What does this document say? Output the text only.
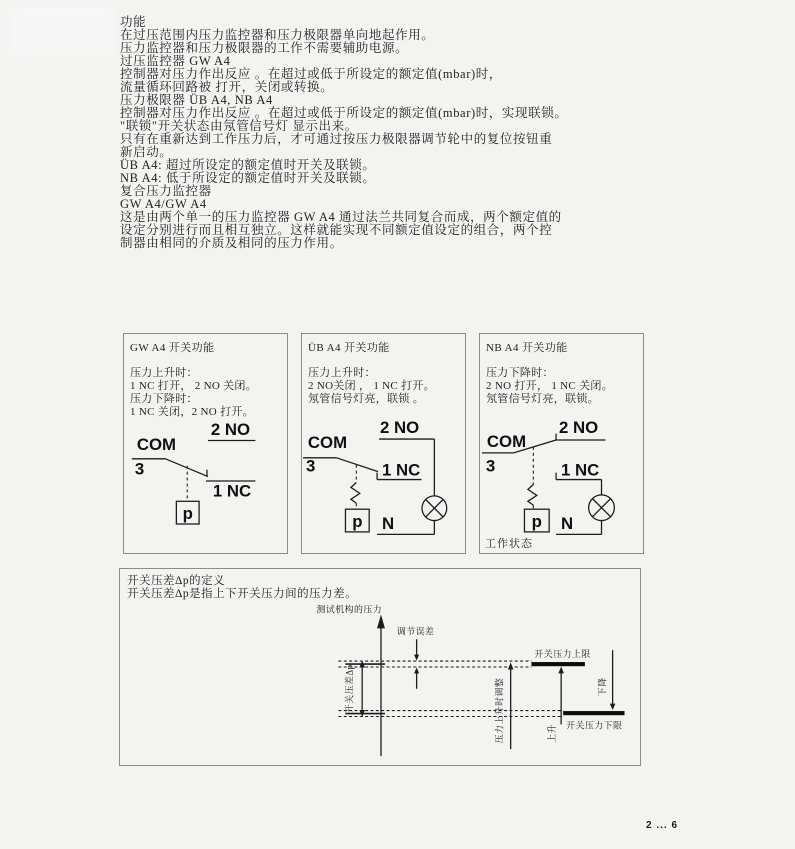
功能
在过压范围内压力监控器和压力极限器单向地起作用。
压力监控器和压力极限器的工作不需要辅助电源。
过压监控器 GW A4
控制器对压力作出反应 。在超过或低于所设定的额定值(mbar)时，
流量循环回路被 打开，关闭或转换。
压力极限器 ÜB A4, NB A4
控制器对压力作出反应 。在超过或低于所设定的额定值(mbar)时，实现联锁。
"联锁"开关状态由氖管信号灯 显示出来。
只有在重新达到工作压力后，才可通过按压力极限器调节轮中的复位按钮重
新启动。
ÜB A4: 超过所设定的额定值时开关及联锁。
NB A4: 低于所设定的额定值时开关及联锁。
复合压力监控器
GW A4/GW A4
这是由两个单一的压力监控器 GW A4 通过法兰共同复合而成，两个额定值的
设定分别进行而且相互独立。这样就能实现不同额定值设定的组合，两个控
制器由相同的介质及相同的压力作用。
GW A4 开关功能
压力上升时：
1 NC 打开， 2 NO 关闭。
压力下降时：
1 NC 关闭，2 NO 打开。
2 NO
COM
3
1 NC
p
ÜB A4 开关功能
压力上升时：
2 NO关闭 ， 1 NC 打开。
氖管信号灯亮，联锁 。
2 NO
COM
3	1 NC
p N
NB A4 开关功能
压力下降时：
2 NO 打开， 1 NC 关闭。
氖管信号灯亮，联锁。
2 NO
COM
3
p
1 NC
N
工作状态
开关压差Δp的定义
开关压差Δp是指上下开关压力间的压力差。
测试机构的压力
开关压力上限
开关压力下限
开关压差Δp
调节误差
压力上升时调整	上升
下降
2 ... 6
